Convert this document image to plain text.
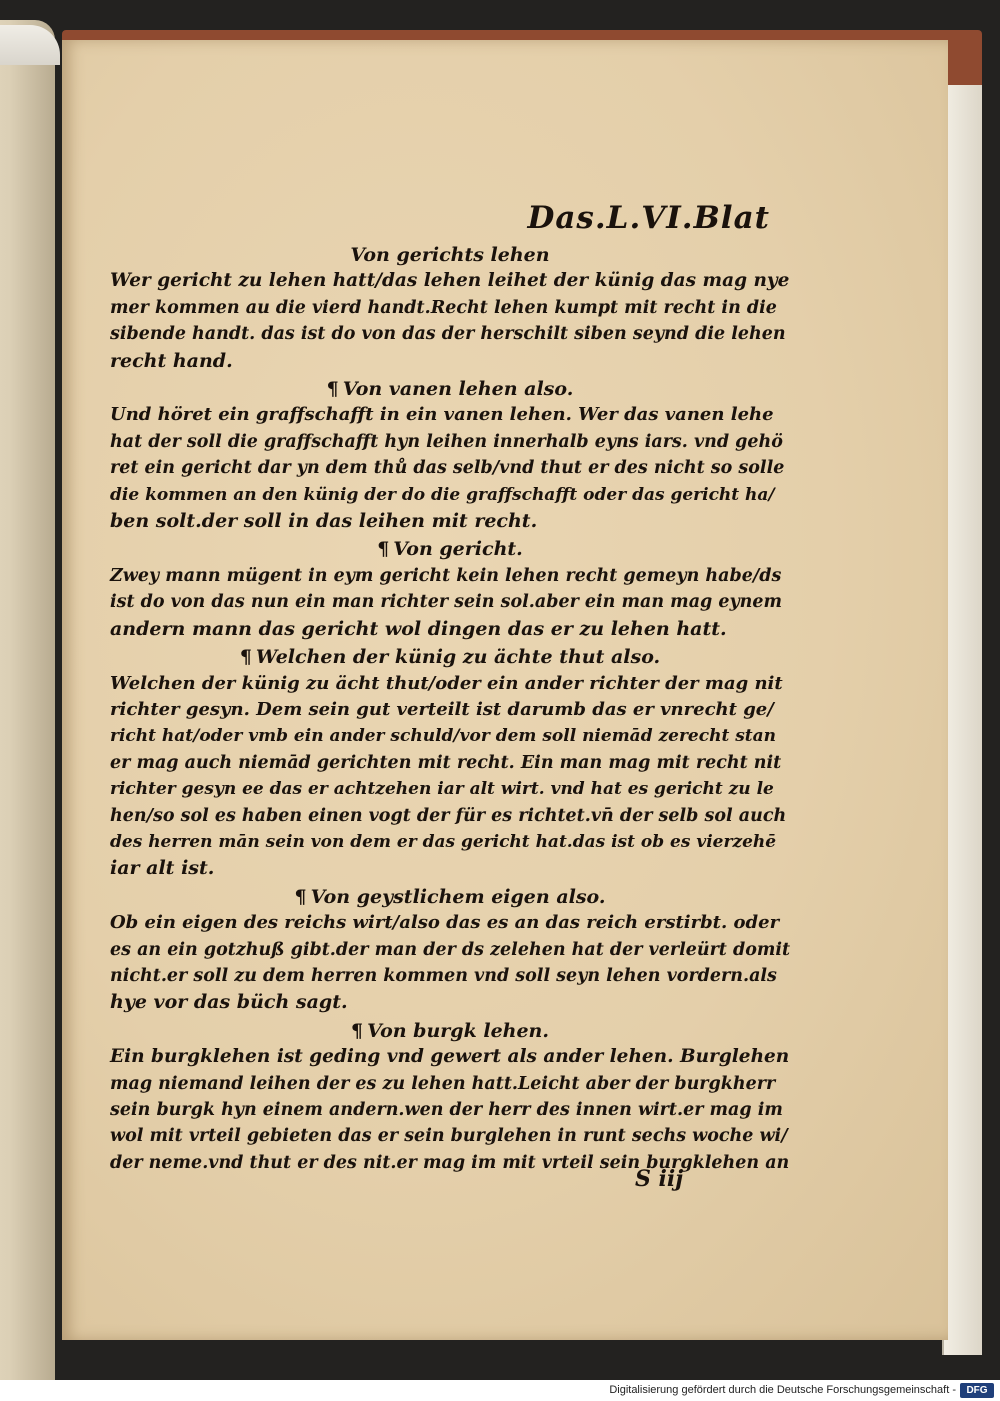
Das.L.VI.Blat
Von gerichts lehen
Wer gericht zu lehen hatt/das lehen leihet der künig das mag nye
mer kommen au die vierd handt.Recht lehen kumpt mit recht in die
sibende handt. das ist do von das der herschilt siben seynd die lehen
recht hand.
¶ Von vanen lehen also.
Und höret ein graffschafft in ein vanen lehen. Wer das vanen lehe
hat der soll die graffschafft hyn leihen innerhalb eyns iars. vnd gehö
ret ein gericht dar yn dem thů das selb/vnd thut er des nicht so solle
die kommen an den künig der do die graffschafft oder das gericht ha/
ben solt.der soll in das leihen mit recht.
¶ Von gericht.
Zwey mann mügent in eym gericht kein lehen recht gemeyn habe/ds
ist do von das nun ein man richter sein sol.aber ein man mag eynem
andern mann das gericht wol dingen das er zu lehen hatt.
¶ Welchen der künig zu ächte thut also.
Welchen der künig zu ächt thut/oder ein ander richter der mag nit
richter gesyn. Dem sein gut verteilt ist darumb das er vnrecht ge/
richt hat/oder vmb ein ander schuld/vor dem soll niemād zerecht stan
er mag auch niemād gerichten mit recht. Ein man mag mit recht nit
richter gesyn ee das er achtzehen iar alt wirt. vnd hat es gericht zu le
hen/so sol es haben einen vogt der für es richtet.vn̄ der selb sol auch
des herren mān sein von dem er das gericht hat.das ist ob es vierzehē
iar alt ist.
¶ Von geystlichem eigen also.
Ob ein eigen des reichs wirt/also das es an das reich erstirbt. oder
es an ein gotzhuß gibt.der man der ds zelehen hat der verleürt domit
nicht.er soll zu dem herren kommen vnd soll seyn lehen vordern.als
hye vor das büch sagt.
¶ Von burgk lehen.
Ein burgklehen ist geding vnd gewert als ander lehen. Burglehen
mag niemand leihen der es zu lehen hatt.Leicht aber der burgkherr
sein burgk hyn einem andern.wen der herr des innen wirt.er mag im
wol mit vrteil gebieten das er sein burglehen in runt sechs woche wi/
der neme.vnd thut er des nit.er mag im mit vrteil sein burgklehen an
S iij
Digitalisierung gefördert durch die Deutsche Forschungsgemeinschaft -	DFG
